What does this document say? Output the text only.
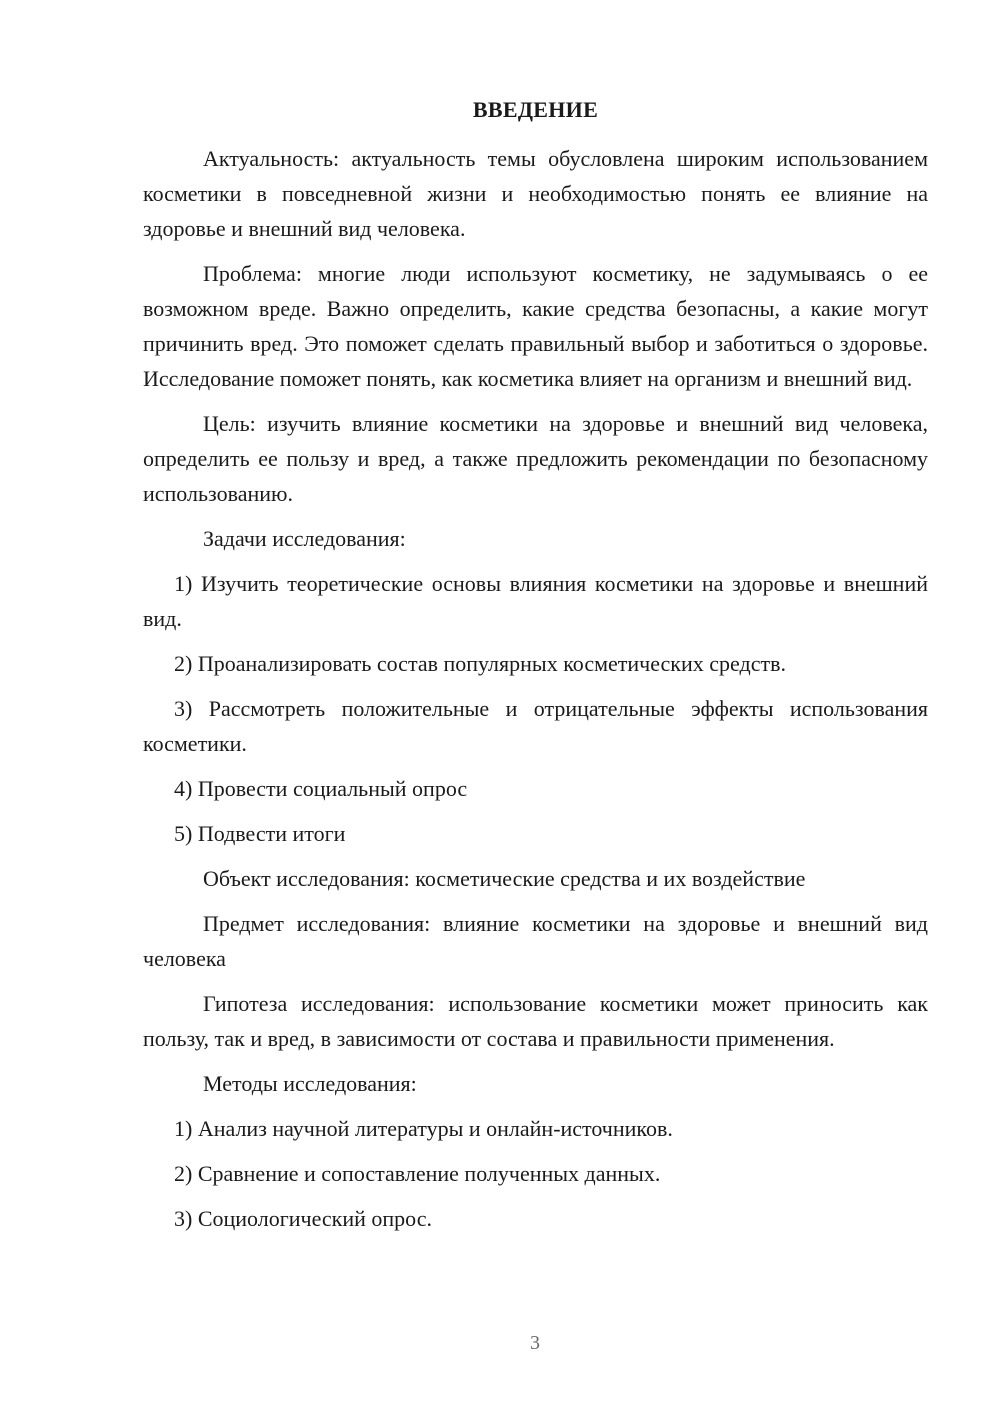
ВВЕДЕНИЕ

Актуальность: актуальность темы обусловлена широким использованием косметики в повседневной жизни и необходимостью понять ее влияние на здоровье и внешний вид человека.

Проблема: многие люди используют косметику, не задумываясь о ее возможном вреде. Важно определить, какие средства безопасны, а какие могут причинить вред. Это поможет сделать правильный выбор и заботиться о здоровье. Исследование поможет понять, как косметика влияет на организм и внешний вид.

Цель: изучить влияние косметики на здоровье и внешний вид человека, определить ее пользу и вред, а также предложить рекомендации по безопасному использованию.

Задачи исследования:

1) Изучить теоретические основы влияния косметики на здоровье и внешний вид.

2) Проанализировать состав популярных косметических средств.

3) Рассмотреть положительные и отрицательные эффекты использования косметики.

4) Провести социальный опрос

5) Подвести итоги

Объект исследования: косметические средства и их воздействие

Предмет исследования: влияние косметики на здоровье и внешний вид человека

Гипотеза исследования: использование косметики может приносить как пользу, так и вред, в зависимости от состава и правильности применения.

Методы исследования:

1) Анализ научной литературы и онлайн-источников.

2) Сравнение и сопоставление полученных данных.

3) Социологический опрос.

3
